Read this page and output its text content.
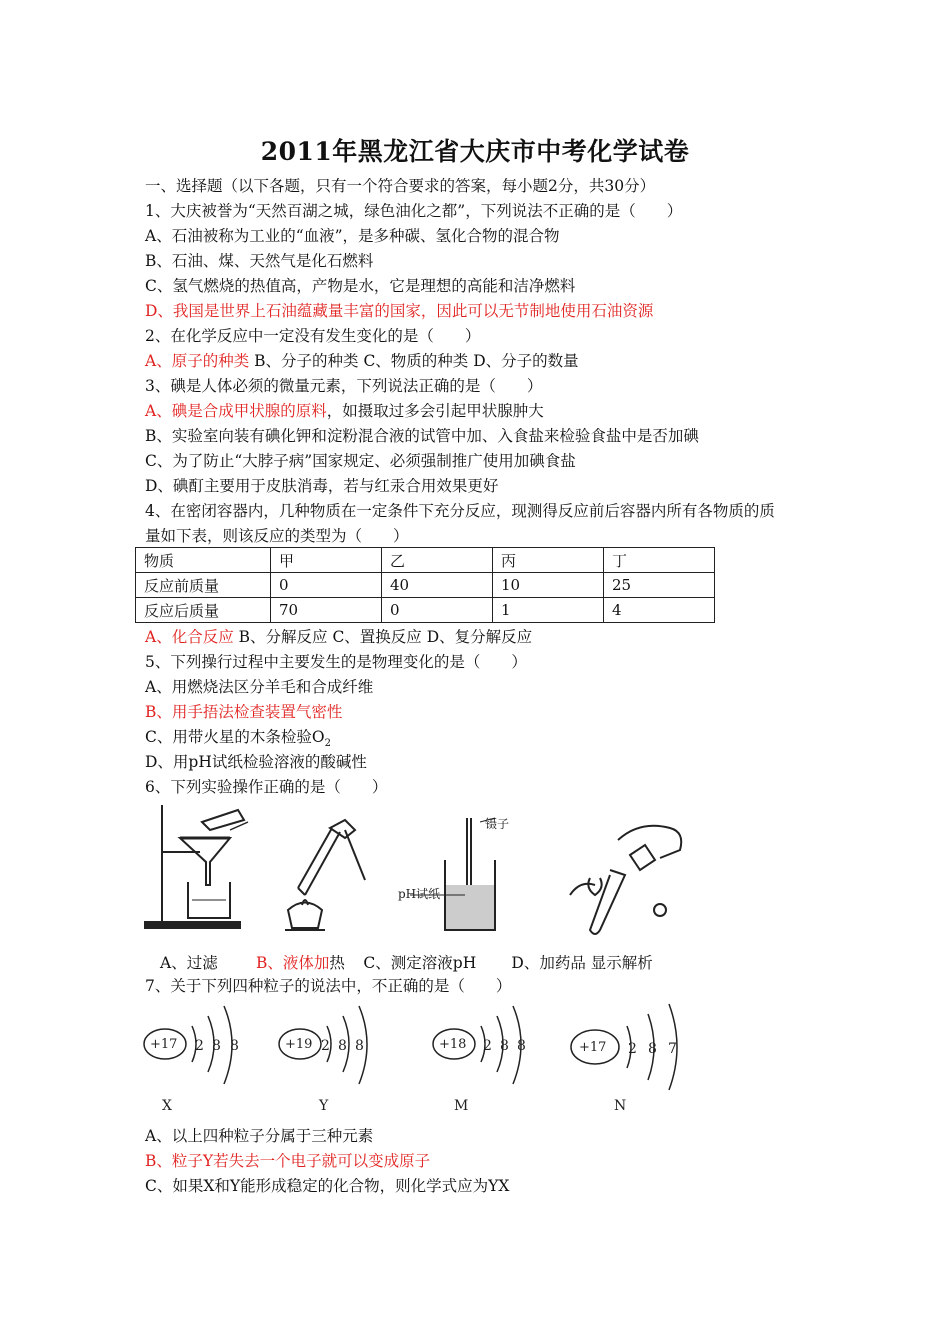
2011年黑龙江省大庆市中考化学试卷
一、选择题（以下各题，只有一个符合要求的答案，每小题2分，共30分）
1、大庆被誉为“天然百湖之城，绿色油化之都”，下列说法不正确的是（　　）
A、石油被称为工业的“血液”，是多种碳、氢化合物的混合物
B、石油、煤、天然气是化石燃料
C、氢气燃烧的热值高，产物是水，它是理想的高能和洁净燃料
D、我国是世界上石油蕴藏量丰富的国家，因此可以无节制地使用石油资源
2、在化学反应中一定没有发生变化的是（　　）
A、原子的种类 B、分子的种类 C、物质的种类 D、分子的数量
3、碘是人体必须的微量元素，下列说法正确的是（　　）
A、碘是合成甲状腺的原料，如摄取过多会引起甲状腺肿大
B、实验室向装有碘化钾和淀粉混合液的试管中加、入食盐来检验食盐中是否加碘
C、为了防止“大脖子病”国家规定、必须强制推广使用加碘食盐
D、碘酊主要用于皮肤消毒，若与红汞合用效果更好
4、在密闭容器内，几种物质在一定条件下充分反应，现测得反应前后容器内所有各物质的质
量如下表，则该反应的类型为（　　）
物质	甲	乙	丙	丁
反应前质量	0	40	10	25
反应后质量	70	0	1	4
A、化合反应 B、分解反应 C、置换反应 D、复分解反应
5、下列操行过程中主要发生的是物理变化的是（　　）
A、用燃烧法区分羊毛和合成纤维
B、用手捂法检查装置气密性
C、用带火星的木条检验$O_2$
D、用pH试纸检验溶液的酸碱性
6、下列实验操作正确的是（　　）
镊子
pH试纸
A、过滤 B、液体加热 C、测定溶液pH D、加药品 显示解析
7、关于下列四种粒子的说法中，不正确的是（　　）
+17 2 8 8
X
+19 2 8 8
Y
+18 2 8 8
M
+17 2 8 7
N
A、以上四种粒子分属于三种元素
B、粒子Y若失去一个电子就可以变成原子
C、如果X和Y能形成稳定的化合物，则化学式应为YX
